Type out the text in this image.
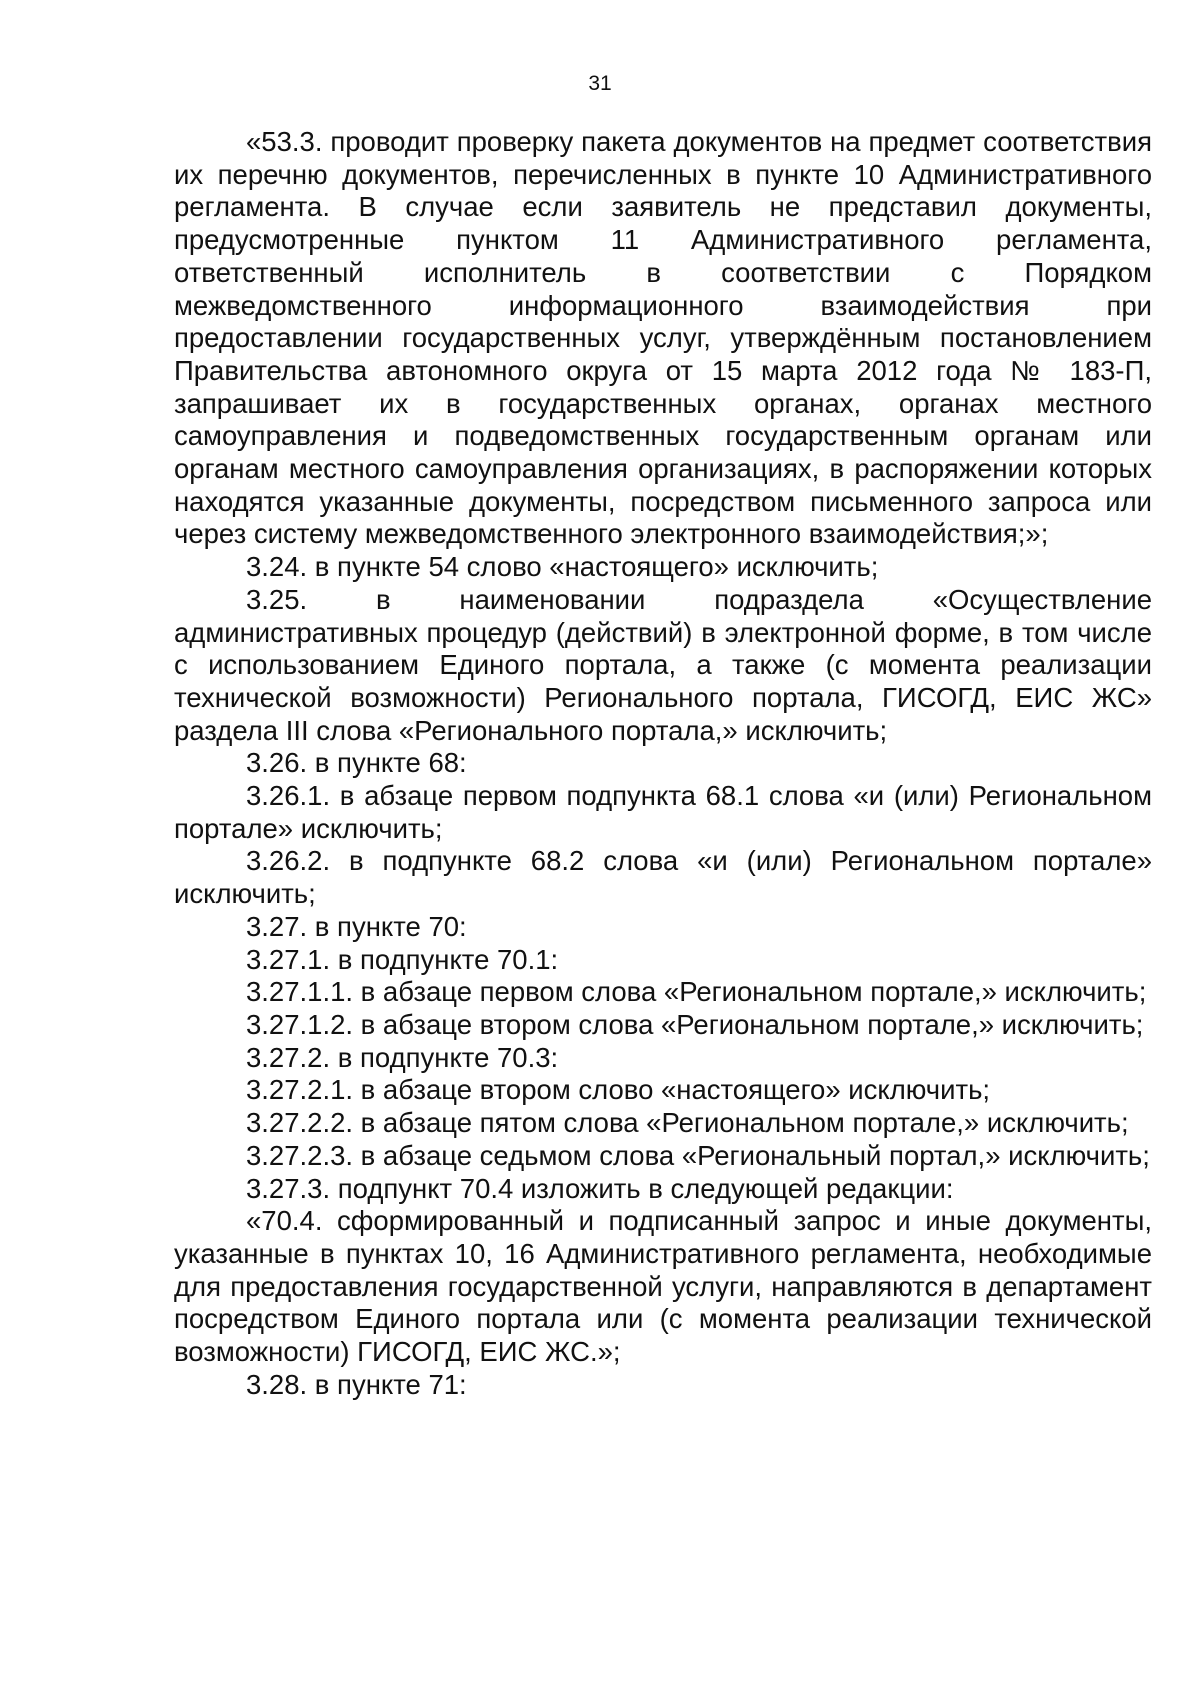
31

«53.3. проводит проверку пакета документов на предмет соответствия их перечню документов, перечисленных в пункте 10 Административного регламента. В случае если заявитель не представил документы, предусмотренные пунктом 11 Административного регламента, ответственный исполнитель в соответствии с Порядком межведомственного информационного взаимодействия при предоставлении государственных услуг, утверждённым постановлением Правительства автономного округа от 15 марта 2012 года № 183-П, запрашивает их в государственных органах, органах местного самоуправления и подведомственных государственным органам или органам местного самоуправления организациях, в распоряжении которых находятся указанные документы, посредством письменного запроса или через систему межведомственного электронного взаимодействия;»;

3.24. в пункте 54 слово «настоящего» исключить;

3.25. в наименовании подраздела «Осуществление административных процедур (действий) в электронной форме, в том числе с использованием Единого портала, а также (с момента реализации технической возможности) Регионального портала, ГИСОГД, ЕИС ЖС» раздела III слова «Регионального портала,» исключить;

3.26. в пункте 68:

3.26.1. в абзаце первом подпункта 68.1 слова «и (или) Региональном портале» исключить;

3.26.2. в подпункте 68.2 слова «и (или) Региональном портале» исключить;

3.27. в пункте 70:

3.27.1. в подпункте 70.1:

3.27.1.1. в абзаце первом слова «Региональном портале,» исключить;

3.27.1.2. в абзаце втором слова «Региональном портале,» исключить;

3.27.2. в подпункте 70.3:

3.27.2.1. в абзаце втором слово «настоящего» исключить;

3.27.2.2. в абзаце пятом слова «Региональном портале,» исключить;

3.27.2.3. в абзаце седьмом слова «Региональный портал,» исключить;

3.27.3. подпункт 70.4 изложить в следующей редакции:

«70.4. сформированный и подписанный запрос и иные документы, указанные в пунктах 10, 16 Административного регламента, необходимые для предоставления государственной услуги, направляются в департамент посредством Единого портала или (с момента реализации технической возможности) ГИСОГД, ЕИС ЖС.»;

3.28. в пункте 71:
